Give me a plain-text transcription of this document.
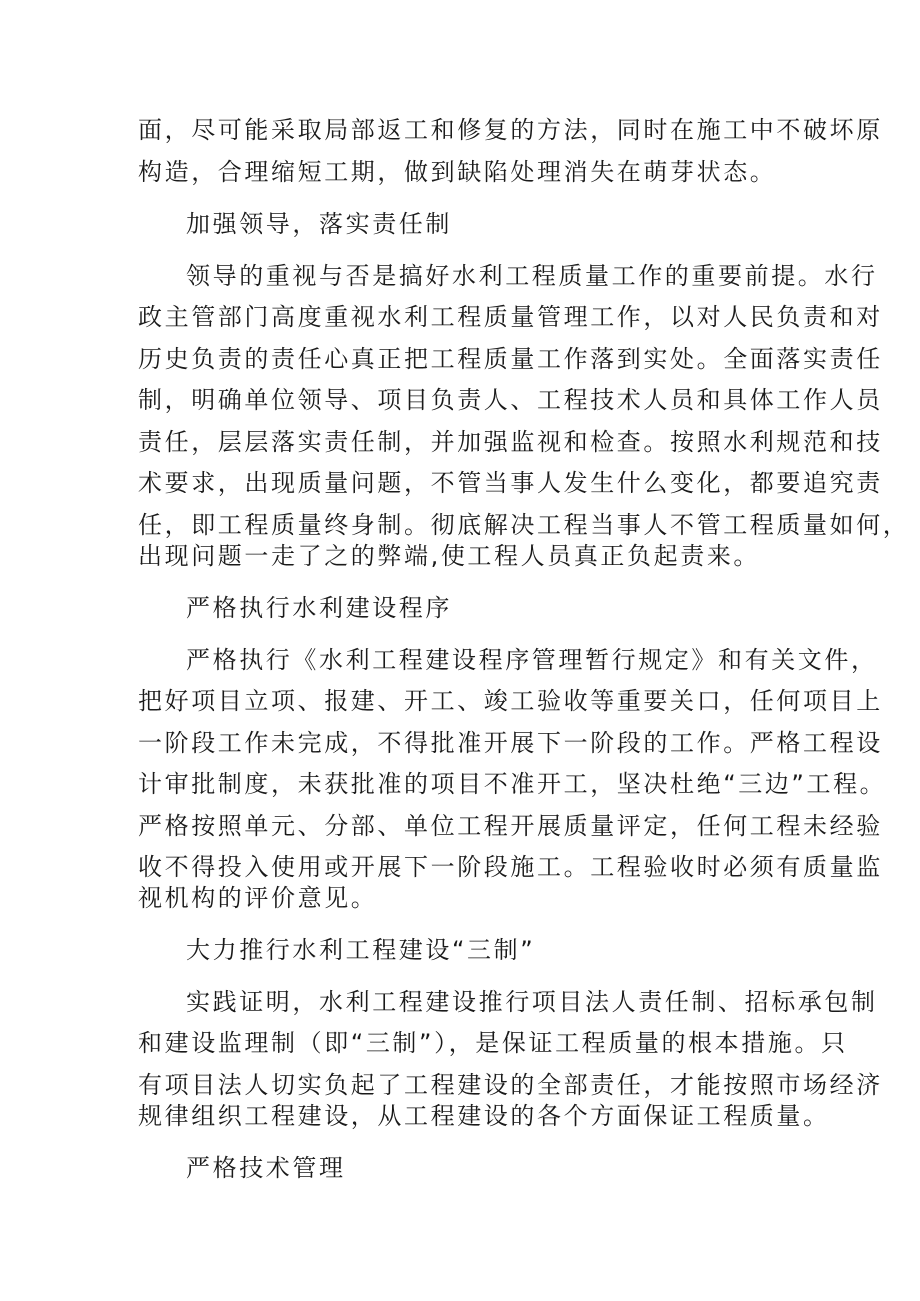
面，尽可能采取局部返工和修复的方法，同时在施工中不破坏原

构造，合理缩短工期，做到缺陷处理消失在萌芽状态。

加强领导，落实责任制

领导的重视与否是搞好水利工程质量工作的重要前提。水行

政主管部门高度重视水利工程质量管理工作，以对人民负责和对

历史负责的责任心真正把工程质量工作落到实处。全面落实责任

制，明确单位领导、项目负责人、工程技术人员和具体工作人员

责任，层层落实责任制，并加强监视和检查。按照水利规范和技

术要求，出现质量问题，不管当事人发生什么变化，都要追究责

任，即工程质量终身制。彻底解决工程当事人不管工程质量如何，

出现问题一走了之的弊端,使工程人员真正负起责来。

严格执行水利建设程序

严格执行《水利工程建设程序管理暂行规定》和有关文件，

把好项目立项、报建、开工、竣工验收等重要关口，任何项目上

一阶段工作未完成，不得批准开展下一阶段的工作。严格工程设

计审批制度，未获批准的项目不准开工，坚决杜绝“三边”工程。

严格按照单元、分部、单位工程开展质量评定，任何工程未经验

收不得投入使用或开展下一阶段施工。工程验收时必须有质量监

视机构的评价意见。

大力推行水利工程建设“三制”

实践证明，水利工程建设推行项目法人责任制、招标承包制

和建设监理制（即“三制”），是保证工程质量的根本措施。只

有项目法人切实负起了工程建设的全部责任，才能按照市场经济

规律组织工程建设，从工程建设的各个方面保证工程质量。

严格技术管理
